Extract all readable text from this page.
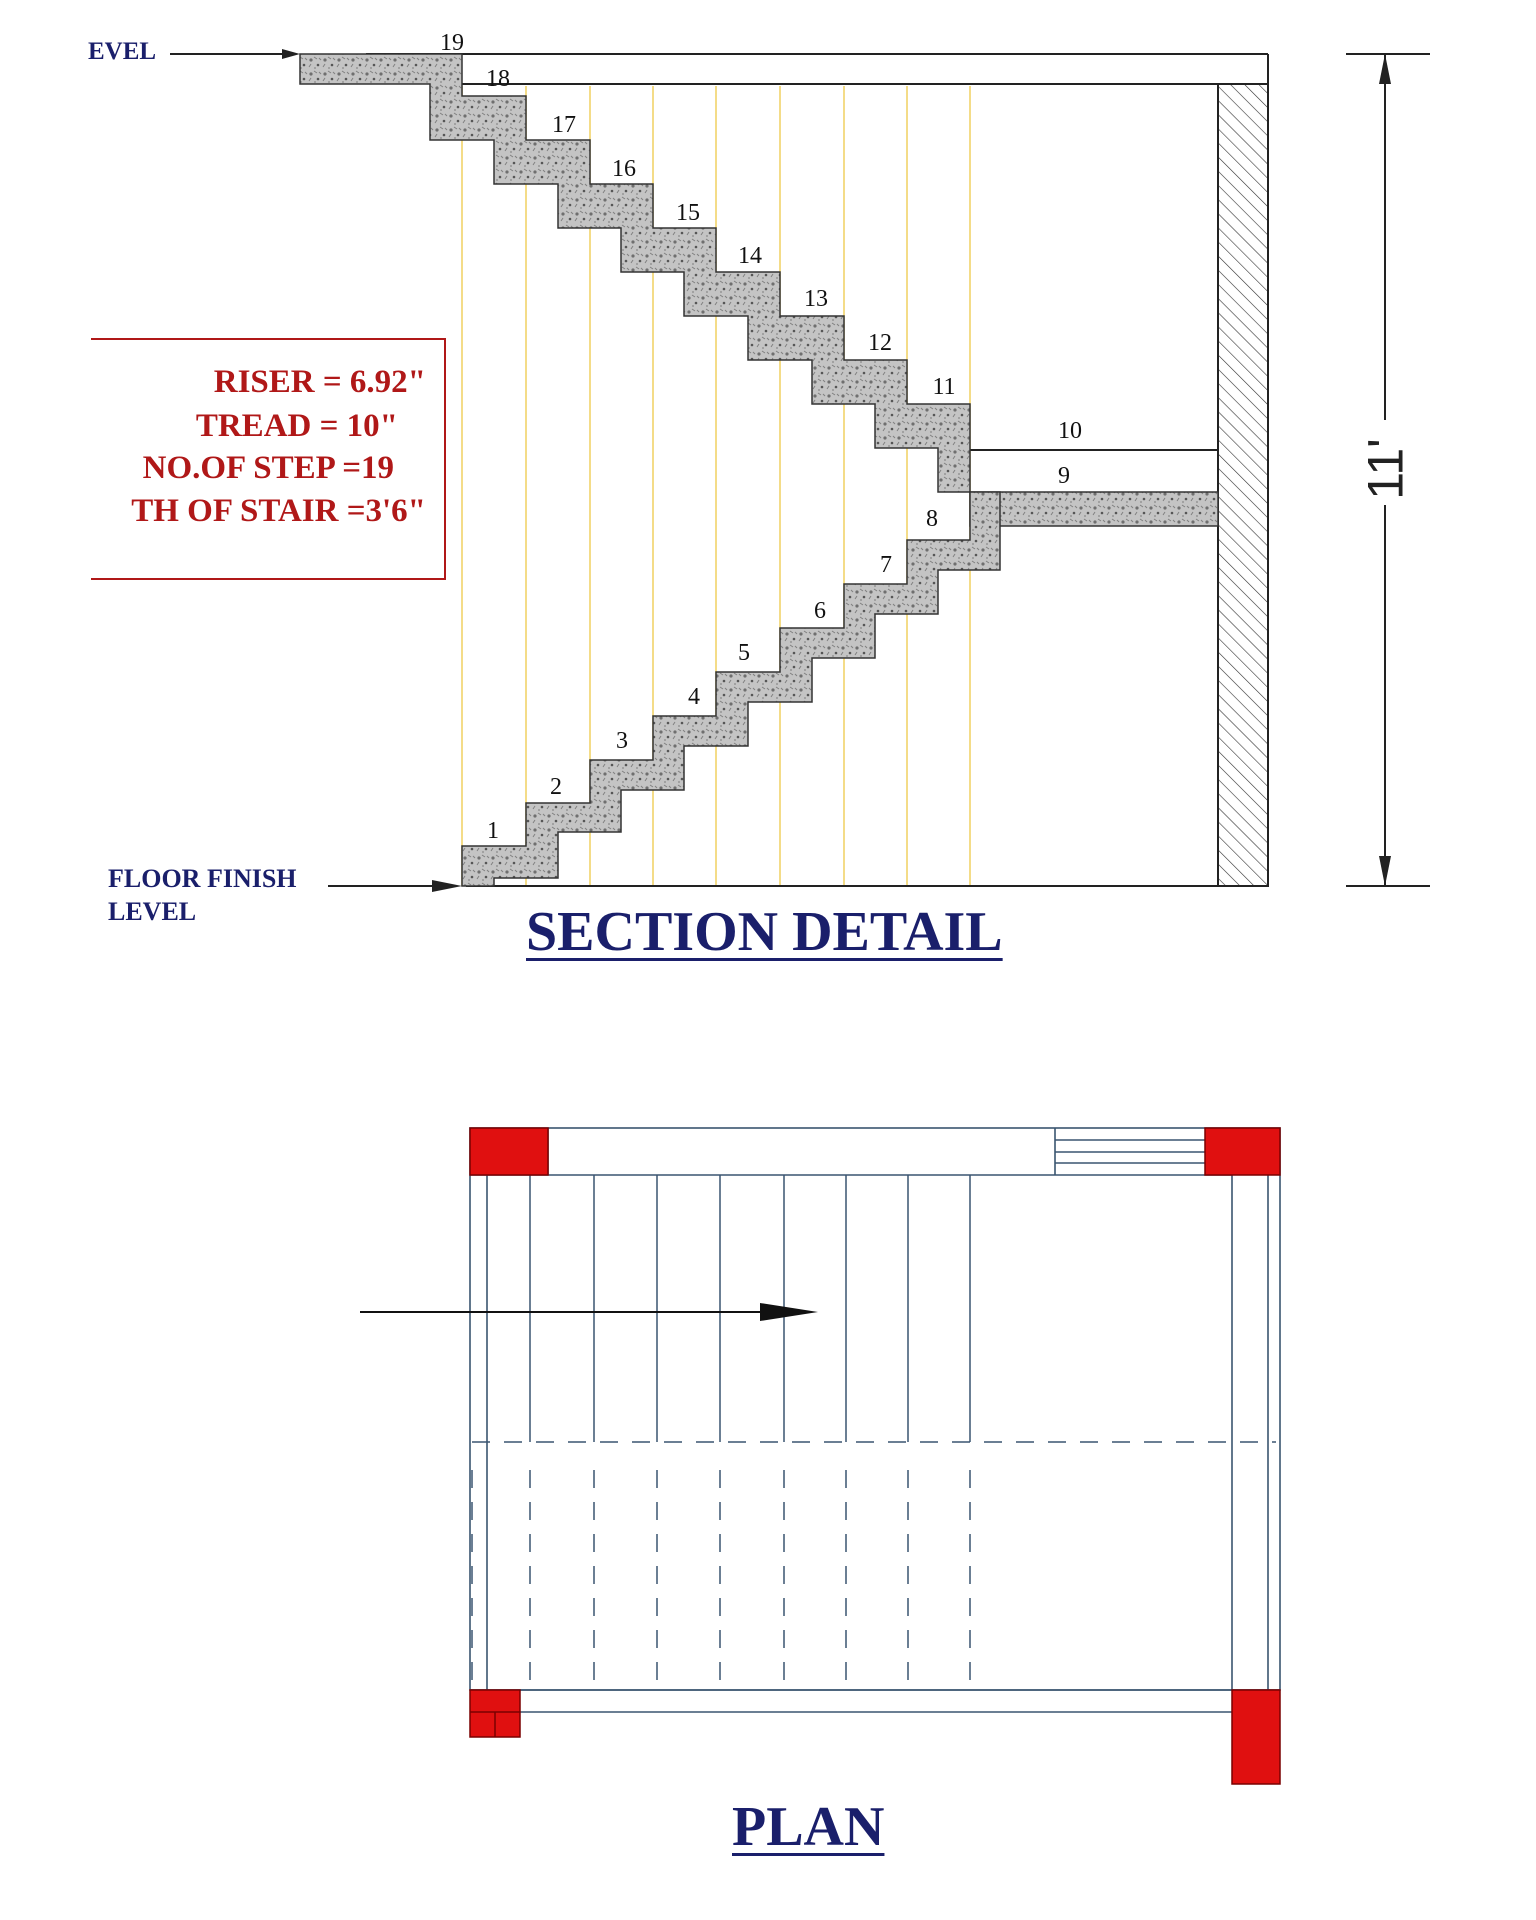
EVEL
FLOOR FINISH
LEVEL
RISER = 6.92"
TREAD = 10"
NO.OF STEP =19
TH OF STAIR =3'6"
11'
SECTION DETAIL
PLAN
1
2
3
4
5
6
7
8
9
10
11
12
13
14
15
16
17
18
19
